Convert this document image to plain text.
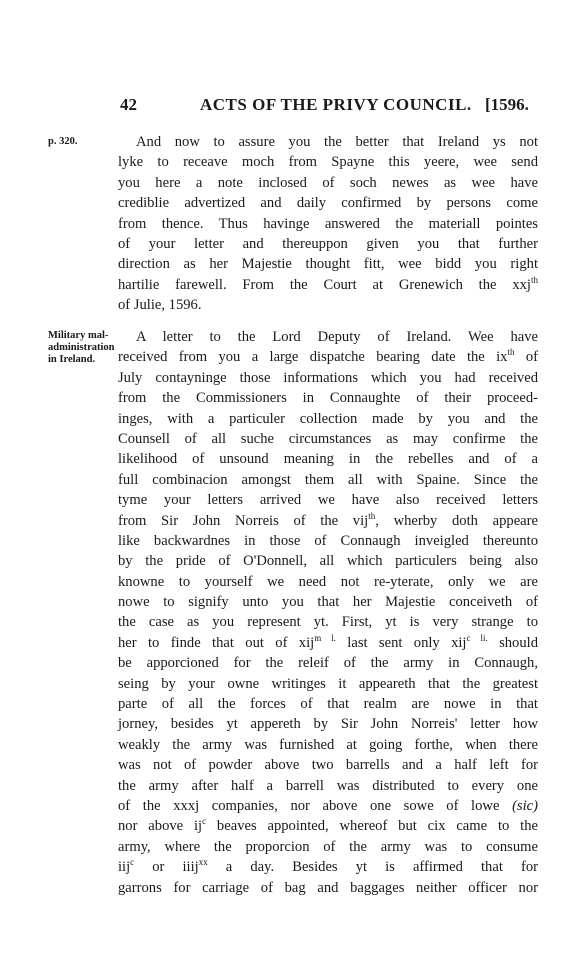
42	ACTS OF THE PRIVY COUNCIL. [1596.
p. 320.
Military mal-
administration
in Ireland.
And now to assure you the better that Ireland ys not
lyke to receave moch from Spayne this yeere, wee send
you here a note inclosed of soch newes as wee have
crediblie advertized and daily confirmed by persons come
from thence. Thus havinge answered the materiall pointes
of your letter and thereuppon given you that further
direction as her Majestie thought fitt, wee bidd you right
hartilie farewell. From the Court at Grenewich the xxj$^{th}$
of Julie, 1596.
A letter to the Lord Deputy of Ireland. Wee have
received from you a large dispatche bearing date the $ix^{th}$ of
July contayninge those informations which you had received
from the Commissioners in Connaughte of their proceed-
inges, with a particuler collection made by you and the
Counsell of all suche circumstances as may confirme the
likelihood of unsound meaning in the rebelles and of a
full combinacion amongst them all with Spaine. Since the
tyme your letters arrived we have also received letters
from Sir John Norreis of the vij$^{th}$, wherby doth appeare
like backwardnes in those of Connaugh inveigled thereunto
by the pride of O'Donnell, all which particulers being also
knowne to yourself we need not re-yterate, only we are
nowe to signify unto you that her Majestie conceiveth of
the case as you represent yt. First, yt is very strange to
her to finde that out of xij$^{m l.}$ last sent only xij$^{c li.}$ should
be apporcioned for the releif of the army in Connaugh,
seing by your owne writinges it appeareth that the greatest
parte of all the forces of that realm are nowe in that
jorney, besides yt appereth by Sir John Norreis' letter how
weakly the army was furnished at going forthe, when there
was not of powder above two barrells and a half left for
the army after half a barrell was distributed to every one
of the xxxj companies, nor above one sowe of lowe (sic)
nor above $ij^c$ beaves appointed, whereof but cix came to the
army, where the proporcion of the army was to consume
iij$^c$ or iiij$^{xx}$ a day. Besides yt is affirmed that for
garrons for carriage of bag and baggages neither officer nor
